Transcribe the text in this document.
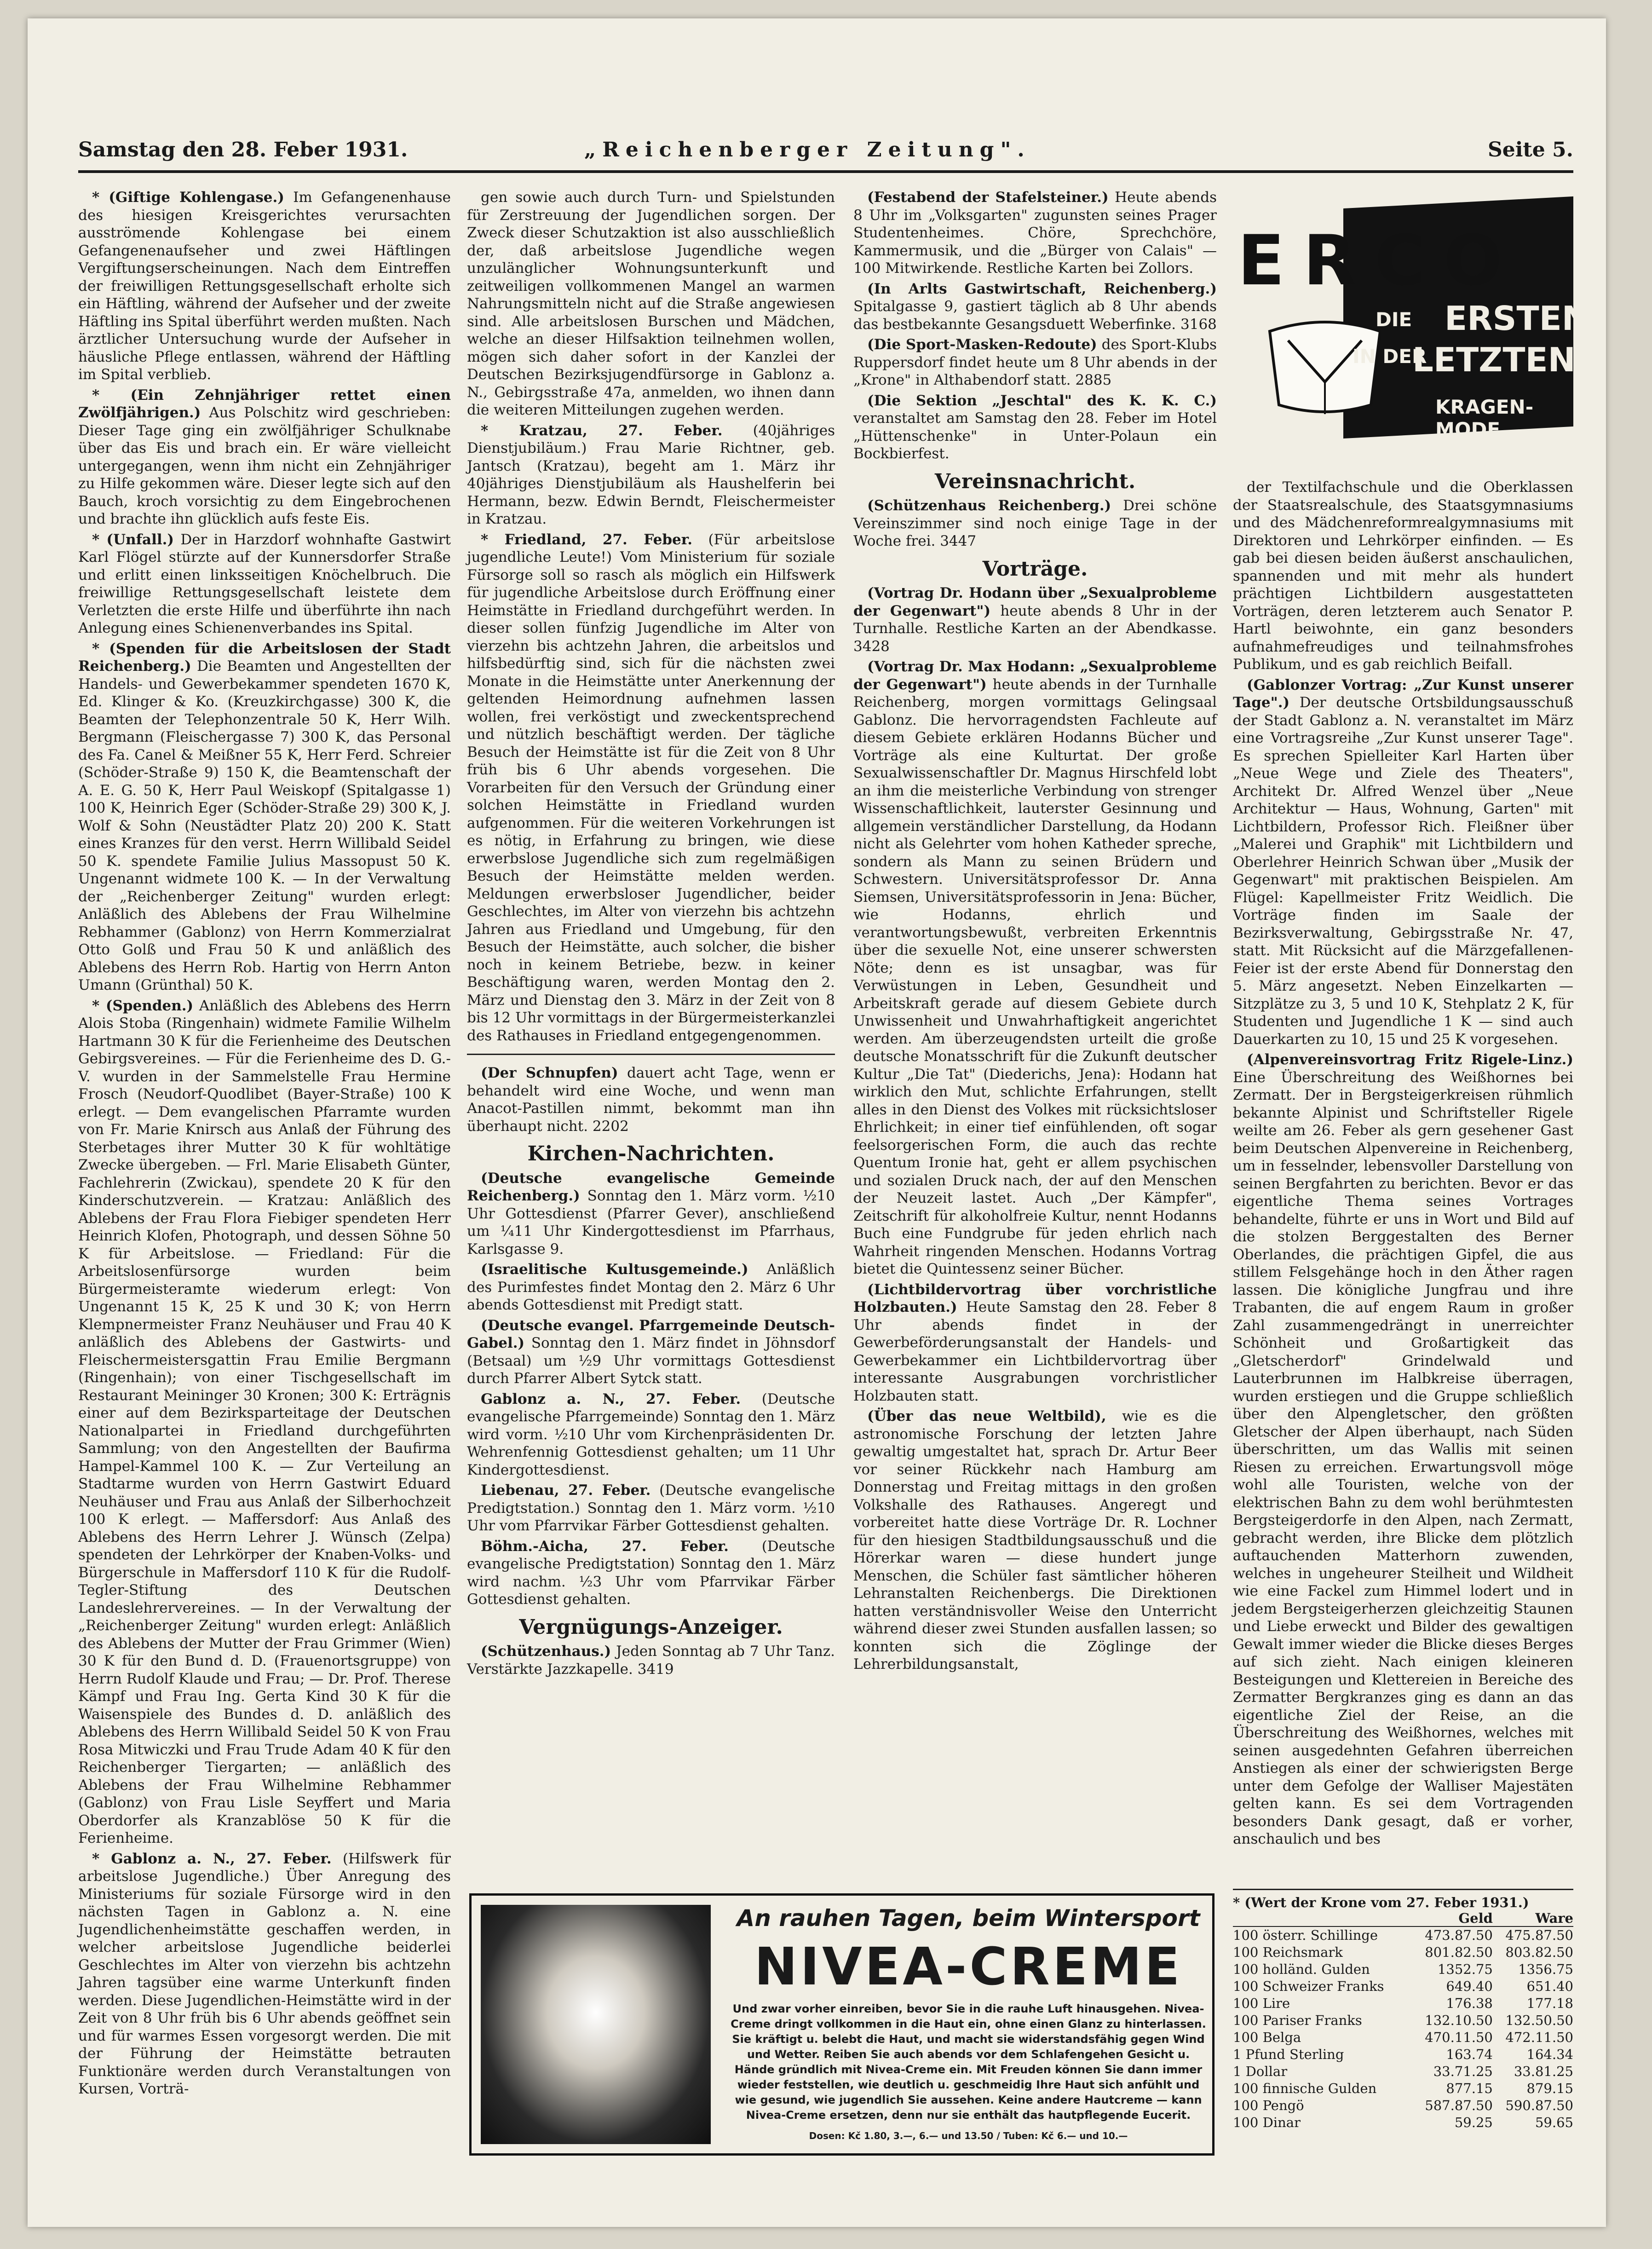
Samstag den 28. Feber 1931.	„Reichenberger Zeitung".	Seite 5.

* (Giftige Kohlengase.) Im Gefangenenhause des hiesigen Kreisgerichtes verursachten ausströmende Kohlengase bei einem Gefangenenaufseher und zwei Häftlingen Vergiftungserscheinungen. Nach dem Eintreffen der freiwilligen Rettungsgesellschaft erholte sich ein Häftling, während der Aufseher und der zweite Häftling ins Spital überführt werden mußten. Nach ärztlicher Untersuchung wurde der Aufseher in häusliche Pflege entlassen, während der Häftling im Spital verblieb.

* (Ein Zehnjähriger rettet einen Zwölfjährigen.) Aus Polschitz wird geschrieben: Dieser Tage ging ein zwölfjähriger Schulknabe über das Eis und brach ein. Er wäre vielleicht untergegangen, wenn ihm nicht ein Zehnjähriger zu Hilfe gekommen wäre. Dieser legte sich auf den Bauch, kroch vorsichtig zu dem Eingebrochenen und brachte ihn glücklich aufs feste Eis.

* (Unfall.) Der in Harzdorf wohnhafte Gastwirt Karl Flögel stürzte auf der Kunnersdorfer Straße und erlitt einen linksseitigen Knöchelbruch. Die freiwillige Rettungsgesellschaft leistete dem Verletzten die erste Hilfe und überführte ihn nach Anlegung eines Schienenverbandes ins Spital.

* (Spenden für die Arbeitslosen der Stadt Reichenberg.) Die Beamten und Angestellten der Handels- und Gewerbekammer spendeten 1670 K, Ed. Klinger & Ko. (Kreuzkirchgasse) 300 K, die Beamten der Telephonzentrale 50 K, Herr Wilh. Bergmann (Fleischergasse 7) 300 K, das Personal des Fa. Canel & Meißner 55 K, Herr Ferd. Schreier (Schöder-Straße 9) 150 K, die Beamtenschaft der A. E. G. 50 K, Herr Paul Weiskopf (Spitalgasse 1) 100 K, Heinrich Eger (Schöder-Straße 29) 300 K, J. Wolf & Sohn (Neustädter Platz 20) 200 K. Statt eines Kranzes für den verst. Herrn Willibald Seidel 50 K. spendete Familie Julius Massopust 50 K. Ungenannt widmete 100 K. — In der Verwaltung der „Reichenberger Zeitung" wurden erlegt: Anläßlich des Ablebens der Frau Wilhelmine Rebhammer (Gablonz) von Herrn Kommerzialrat Otto Golß und Frau 50 K und anläßlich des Ablebens des Herrn Rob. Hartig von Herrn Anton Umann (Grünthal) 50 K.

* (Spenden.) Anläßlich des Ablebens des Herrn Alois Stoba (Ringenhain) widmete Familie Wilhelm Hartmann 30 K für die Ferienheime des Deutschen Gebirgsvereines. — Für die Ferienheime des D. G.-V. wurden in der Sammelstelle Frau Hermine Frosch (Neudorf-Quodlibet (Bayer-Straße) 100 K erlegt. — Dem evangelischen Pfarramte wurden von Fr. Marie Knirsch aus Anlaß der Führung des Sterbetages ihrer Mutter 30 K für wohltätige Zwecke übergeben. — Frl. Marie Elisabeth Günter, Fachlehrerin (Zwickau), spendete 20 K für den Kinderschutzverein. — Kratzau: Anläßlich des Ablebens der Frau Flora Fiebiger spendeten Herr Heinrich Klofen, Photograph, und dessen Söhne 50 K für Arbeitslose. — Friedland: Für die Arbeitslosenfürsorge wurden beim Bürgermeisteramte wiederum erlegt: Von Ungenannt 15 K, 25 K und 30 K; von Herrn Klempnermeister Franz Neuhäuser und Frau 40 K anläßlich des Ablebens der Gastwirts- und Fleischermeistersgattin Frau Emilie Bergmann (Ringenhain); von einer Tischgesellschaft im Restaurant Meininger 30 Kronen; 300 K: Erträgnis einer auf dem Bezirksparteitage der Deutschen Nationalpartei in Friedland durchgeführten Sammlung; von den Angestellten der Baufirma Hampel-Kammel 100 K. — Zur Verteilung an Stadtarme wurden von Herrn Gastwirt Eduard Neuhäuser und Frau aus Anlaß der Silberhochzeit 100 K erlegt. — Maffersdorf: Aus Anlaß des Ablebens des Herrn Lehrer J. Wünsch (Zelpa) spendeten der Lehrkörper der Knaben-Volks- und Bürgerschule in Maffersdorf 110 K für die Rudolf-Tegler-Stiftung des Deutschen Landeslehrervereines. — In der Verwaltung der „Reichenberger Zeitung" wurden erlegt: Anläßlich des Ablebens der Mutter der Frau Grimmer (Wien) 30 K für den Bund d. D. (Frauenortsgruppe) von Herrn Rudolf Klaude und Frau; — Dr. Prof. Therese Kämpf und Frau Ing. Gerta Kind 30 K für die Waisenspiele des Bundes d. D. anläßlich des Ablebens des Herrn Willibald Seidel 50 K von Frau Rosa Mitwiczki und Frau Trude Adam 40 K für den Reichenberger Tiergarten; — anläßlich des Ablebens der Frau Wilhelmine Rebhammer (Gablonz) von Frau Lisle Seyffert und Maria Oberdorfer als Kranzablöse 50 K für die Ferienheime.

* Gablonz a. N., 27. Feber. (Hilfswerk für arbeitslose Jugendliche.) Über Anregung des Ministeriums für soziale Fürsorge wird in den nächsten Tagen in Gablonz a. N. eine Jugendlichenheimstätte geschaffen werden, in welcher arbeitslose Jugendliche beiderlei Geschlechtes im Alter von vierzehn bis achtzehn Jahren tagsüber eine warme Unterkunft finden werden. Diese Jugendlichen-Heimstätte wird in der Zeit von 8 Uhr früh bis 6 Uhr abends geöffnet sein und für warmes Essen vorgesorgt werden. Die mit der Führung der Heimstätte betrauten Funktionäre werden durch Veranstaltungen von Kursen, Vorträ-

gen sowie auch durch Turn- und Spielstunden für Zerstreuung der Jugendlichen sorgen. Der Zweck dieser Schutzaktion ist also ausschließlich der, daß arbeitslose Jugendliche wegen unzulänglicher Wohnungsunterkunft und zeitweiligen vollkommenen Mangel an warmen Nahrungsmitteln nicht auf die Straße angewiesen sind. Alle arbeitslosen Burschen und Mädchen, welche an dieser Hilfsaktion teilnehmen wollen, mögen sich daher sofort in der Kanzlei der Deutschen Bezirksjugendfürsorge in Gablonz a. N., Gebirgsstraße 47a, anmelden, wo ihnen dann die weiteren Mitteilungen zugehen werden.

* Kratzau, 27. Feber. (40jähriges Dienstjubiläum.) Frau Marie Richtner, geb. Jantsch (Kratzau), begeht am 1. März ihr 40jähriges Dienstjubiläum als Haushelferin bei Hermann, bezw. Edwin Berndt, Fleischermeister in Kratzau.

* Friedland, 27. Feber. (Für arbeitslose jugendliche Leute!) Vom Ministerium für soziale Fürsorge soll so rasch als möglich ein Hilfswerk für jugendliche Arbeitslose durch Eröffnung einer Heimstätte in Friedland durchgeführt werden. In dieser sollen fünfzig Jugendliche im Alter von vierzehn bis achtzehn Jahren, die arbeitslos und hilfsbedürftig sind, sich für die nächsten zwei Monate in die Heimstätte unter Anerkennung der geltenden Heimordnung aufnehmen lassen wollen, frei verköstigt und zweckentsprechend und nützlich beschäftigt werden. Der tägliche Besuch der Heimstätte ist für die Zeit von 8 Uhr früh bis 6 Uhr abends vorgesehen. Die Vorarbeiten für den Versuch der Gründung einer solchen Heimstätte in Friedland wurden aufgenommen. Für die weiteren Vorkehrungen ist es nötig, in Erfahrung zu bringen, wie diese erwerbslose Jugendliche sich zum regelmäßigen Besuch der Heimstätte melden werden. Meldungen erwerbsloser Jugendlicher, beider Geschlechtes, im Alter von vierzehn bis achtzehn Jahren aus Friedland und Umgebung, für den Besuch der Heimstätte, auch solcher, die bisher noch in keinem Betriebe, bezw. in keiner Beschäftigung waren, werden Montag den 2. März und Dienstag den 3. März in der Zeit von 8 bis 12 Uhr vormittags in der Bürgermeisterkanzlei des Rathauses in Friedland entgegengenommen.

(Der Schnupfen) dauert acht Tage, wenn er behandelt wird eine Woche, und wenn man Anacot-Pastillen nimmt, bekommt man ihn überhaupt nicht. 2202

Kirchen-Nachrichten.

(Deutsche evangelische Gemeinde Reichenberg.) Sonntag den 1. März vorm. ½10 Uhr Gottesdienst (Pfarrer Gever), anschließend um ¼11 Uhr Kindergottesdienst im Pfarrhaus, Karlsgasse 9.

(Israelitische Kultusgemeinde.) Anläßlich des Purimfestes findet Montag den 2. März 6 Uhr abends Gottesdienst mit Predigt statt.

(Deutsche evangel. Pfarrgemeinde Deutsch-Gabel.) Sonntag den 1. März findet in Jöhnsdorf (Betsaal) um ½9 Uhr vormittags Gottesdienst durch Pfarrer Albert Sytck statt.

Gablonz a. N., 27. Feber. (Deutsche evangelische Pfarrgemeinde) Sonntag den 1. März wird vorm. ½10 Uhr vom Kirchenpräsidenten Dr. Wehrenfennig Gottesdienst gehalten; um 11 Uhr Kindergottesdienst.

Liebenau, 27. Feber. (Deutsche evangelische Predigtstation.) Sonntag den 1. März vorm. ½10 Uhr vom Pfarrvikar Färber Gottesdienst gehalten.

Böhm.-Aicha, 27. Feber. (Deutsche evangelische Predigtstation) Sonntag den 1. März wird nachm. ½3 Uhr vom Pfarrvikar Färber Gottesdienst gehalten.

Vergnügungs-Anzeiger.

(Schützenhaus.) Jeden Sonntag ab 7 Uhr Tanz. Verstärkte Jazzkapelle. 3419

(Festabend der Stafelsteiner.) Heute abends 8 Uhr im „Volksgarten" zugunsten seines Prager Studentenheimes. Chöre, Sprechchöre, Kammermusik, und die „Bürger von Calais" — 100 Mitwirkende. Restliche Karten bei Zollors.

(In Arlts Gastwirtschaft, Reichenberg.) Spitalgasse 9, gastiert täglich ab 8 Uhr abends das bestbekannte Gesangsduett Weberfinke. 3168

(Die Sport-Masken-Redoute) des Sport-Klubs Ruppersdorf findet heute um 8 Uhr abends in der „Krone" in Althabendorf statt. 2885

(Die Sektion „Jeschtal" des K. K. C.) veranstaltet am Samstag den 28. Feber im Hotel „Hüttenschenke" in Unter-Polaun ein Bockbierfest.

Vereinsnachricht.

(Schützenhaus Reichenberg.) Drei schöne Vereinszimmer sind noch einige Tage in der Woche frei. 3447

Vorträge.

(Vortrag Dr. Hodann über „Sexualprobleme der Gegenwart") heute abends 8 Uhr in der Turnhalle. Restliche Karten an der Abendkasse. 3428

(Vortrag Dr. Max Hodann: „Sexualprobleme der Gegenwart") heute abends in der Turnhalle Reichenberg, morgen vormittags Gelingsaal Gablonz. Die hervorragendsten Fachleute auf diesem Gebiete erklären Hodanns Bücher und Vorträge als eine Kulturtat. Der große Sexualwissenschaftler Dr. Magnus Hirschfeld lobt an ihm die meisterliche Verbindung von strenger Wissenschaftlichkeit, lauterster Gesinnung und allgemein verständlicher Darstellung, da Hodann nicht als Gelehrter vom hohen Katheder spreche, sondern als Mann zu seinen Brüdern und Schwestern. Universitätsprofessor Dr. Anna Siemsen, Universitätsprofessorin in Jena: Bücher, wie Hodanns, ehrlich und verantwortungsbewußt, verbreiten Erkenntnis über die sexuelle Not, eine unserer schwersten Nöte; denn es ist unsagbar, was für Verwüstungen in Leben, Gesundheit und Arbeitskraft gerade auf diesem Gebiete durch Unwissenheit und Unwahrhaftigkeit angerichtet werden. Am überzeugendsten urteilt die große deutsche Monatsschrift für die Zukunft deutscher Kultur „Die Tat" (Diederichs, Jena): Hodann hat wirklich den Mut, schlichte Erfahrungen, stellt alles in den Dienst des Volkes mit rücksichtsloser Ehrlichkeit; in einer tief einfühlenden, oft sogar feelsorgerischen Form, die auch das rechte Quentum Ironie hat, geht er allem psychischen und sozialen Druck nach, der auf den Menschen der Neuzeit lastet. Auch „Der Kämpfer", Zeitschrift für alkoholfreie Kultur, nennt Hodanns Buch eine Fundgrube für jeden ehrlich nach Wahrheit ringenden Menschen. Hodanns Vortrag bietet die Quintessenz seiner Bücher.

(Lichtbildervortrag über vorchristliche Holzbauten.) Heute Samstag den 28. Feber 8 Uhr abends findet in der Gewerbeförderungsanstalt der Handels- und Gewerbekammer ein Lichtbildervortrag über interessante Ausgrabungen vorchristlicher Holzbauten statt.

(Über das neue Weltbild), wie es die astronomische Forschung der letzten Jahre gewaltig umgestaltet hat, sprach Dr. Artur Beer vor seiner Rückkehr nach Hamburg am Donnerstag und Freitag mittags in den großen Volkshalle des Rathauses. Angeregt und vorbereitet hatte diese Vorträge Dr. R. Lochner für den hiesigen Stadtbildungsausschuß und die Hörerkar waren — diese hundert junge Menschen, die Schüler fast sämtlicher höheren Lehranstalten Reichenbergs. Die Direktionen hatten verständnisvoller Weise den Unterricht während dieser zwei Stunden ausfallen lassen; so konnten sich die Zöglinge der Lehrerbildungsanstalt,

ERCO
DIE ERSTEN
IN DER
LETZTEN
KRAGEN-MODE

der Textilfachschule und die Oberklassen der Staatsrealschule, des Staatsgymnasiums und des Mädchenreformrealgymnasiums mit Direktoren und Lehrkörper einfinden. — Es gab bei diesen beiden äußerst anschaulichen, spannenden und mit mehr als hundert prächtigen Lichtbildern ausgestatteten Vorträgen, deren letzterem auch Senator P. Hartl beiwohnte, ein ganz besonders aufnahmefreudiges und teilnahmsfrohes Publikum, und es gab reichlich Beifall.

(Gablonzer Vortrag: „Zur Kunst unserer Tage".) Der deutsche Ortsbildungsausschuß der Stadt Gablonz a. N. veranstaltet im März eine Vortragsreihe „Zur Kunst unserer Tage". Es sprechen Spielleiter Karl Harten über „Neue Wege und Ziele des Theaters", Architekt Dr. Alfred Wenzel über „Neue Architektur — Haus, Wohnung, Garten" mit Lichtbildern, Professor Rich. Fleißner über „Malerei und Graphik" mit Lichtbildern und Oberlehrer Heinrich Schwan über „Musik der Gegenwart" mit praktischen Beispielen. Am Flügel: Kapellmeister Fritz Weidlich. Die Vorträge finden im Saale der Bezirksverwaltung, Gebirgsstraße Nr. 47, statt. Mit Rücksicht auf die Märzgefallenen-Feier ist der erste Abend für Donnerstag den 5. März angesetzt. Neben Einzelkarten — Sitzplätze zu 3, 5 und 10 K, Stehplatz 2 K, für Studenten und Jugendliche 1 K — sind auch Dauerkarten zu 10, 15 und 25 K vorgesehen.

(Alpenvereinsvortrag Fritz Rigele-Linz.) Eine Überschreitung des Weißhornes bei Zermatt. Der in Bergsteigerkreisen rühmlich bekannte Alpinist und Schriftsteller Rigele weilte am 26. Feber als gern gesehener Gast beim Deutschen Alpenvereine in Reichenberg, um in fesselnder, lebensvoller Darstellung von seinen Bergfahrten zu berichten. Bevor er das eigentliche Thema seines Vortrages behandelte, führte er uns in Wort und Bild auf die stolzen Berggestalten des Berner Oberlandes, die prächtigen Gipfel, die aus stillem Felsgehänge hoch in den Äther ragen lassen. Die königliche Jungfrau und ihre Trabanten, die auf engem Raum in großer Zahl zusammengedrängt in unerreichter Schönheit und Großartigkeit das „Gletscherdorf" Grindelwald und Lauterbrunnen im Halbkreise überragen, wurden erstiegen und die Gruppe schließlich über den Alpengletscher, den größten Gletscher der Alpen überhaupt, nach Süden überschritten, um das Wallis mit seinen Riesen zu erreichen. Erwartungsvoll möge wohl alle Touristen, welche von der elektrischen Bahn zu dem wohl berühmtesten Bergsteigerdorfe in den Alpen, nach Zermatt, gebracht werden, ihre Blicke dem plötzlich auftauchenden Matterhorn zuwenden, welches in ungeheurer Steilheit und Wildheit wie eine Fackel zum Himmel lodert und in jedem Bergsteigerherzen gleichzeitig Staunen und Liebe erweckt und Bilder des gewaltigen Gewalt immer wieder die Blicke dieses Berges auf sich zieht. Nach einigen kleineren Besteigungen und Klettereien in Bereiche des Zermatter Bergkranzes ging es dann an das eigentliche Ziel der Reise, an die Überschreitung des Weißhornes, welches mit seinen ausgedehnten Gefahren überreichen Anstiegen als einer der schwierigsten Berge unter dem Gefolge der Walliser Majestäten gelten kann. Es sei dem Vortragenden besonders Dank gesagt, daß er vorher, anschaulich und bes

An rauhen Tagen, beim Wintersport
NIVEA-CREME
Und zwar vorher einreiben, bevor Sie in die rauhe Luft hinausgehen. Nivea-Creme dringt vollkommen in die Haut ein, ohne einen Glanz zu hinterlassen. Sie kräftigt u. belebt die Haut, und macht sie widerstandsfähig gegen Wind und Wetter. Reiben Sie auch abends vor dem Schlafengehen Gesicht u. Hände gründlich mit Nivea-Creme ein. Mit Freuden können Sie dann immer wieder feststellen, wie deutlich u. geschmeidig Ihre Haut sich anfühlt und wie gesund, wie jugendlich Sie aussehen. Keine andere Hautcreme — kann Nivea-Creme ersetzen, denn nur sie enthält das hautpflegende Eucerit.
Dosen: Kč 1.80, 3.—, 6.— und 13.50 / Tuben: Kč 6.— und 10.—
* (Wert der Krone vom 27. Feber 1931.)
	Geld	Ware
100 österr. Schillinge	473.87.50	475.87.50
100 Reichsmark	801.82.50	803.82.50
100 holländ. Gulden	1352.75	1356.75
100 Schweizer Franks	649.40	651.40
100 Lire	176.38	177.18
100 Pariser Franks	132.10.50	132.50.50
100 Belga	470.11.50	472.11.50
1 Pfund Sterling	163.74	164.34
1 Dollar	33.71.25	33.81.25
100 finnische Gulden	877.15	879.15
100 Pengö	587.87.50	590.87.50
100 Dinar	59.25	59.65
